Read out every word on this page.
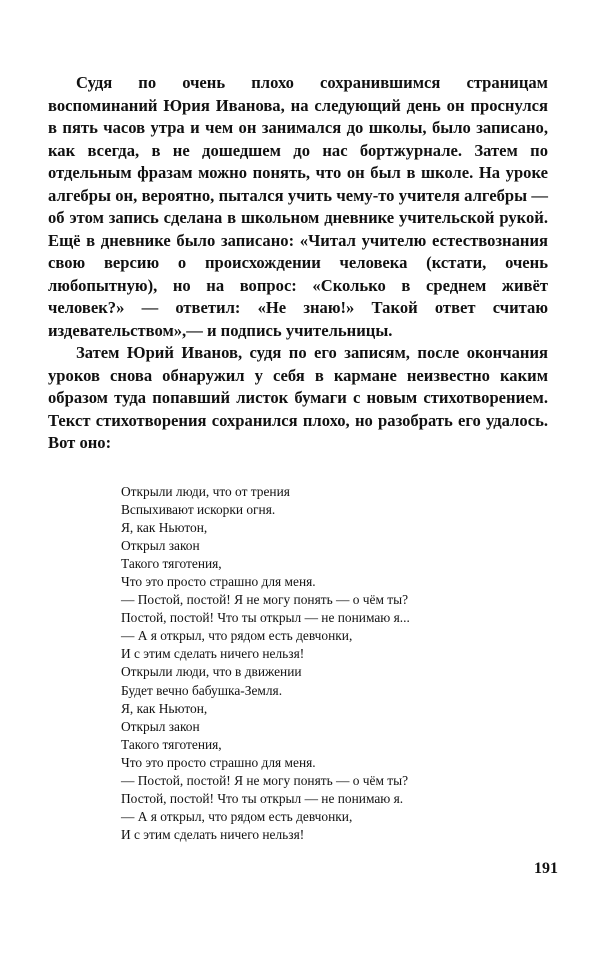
Судя по очень плохо сохранившимся страницам воспоминаний Юрия Иванова, на следующий день он проснулся в пять часов утра и чем он занимался до школы, было записано, как всегда, в не дошедшем до нас бортжурнале. Затем по отдельным фразам можно понять, что он был в школе. На уроке алгебры он, вероятно, пытался учить чему-то учителя алгебры — об этом запись сделана в школьном дневнике учительской рукой. Ещё в дневнике было записано: «Читал учителю естествознания свою версию о происхождении человека (кстати, очень любопытную), но на вопрос: «Сколько в среднем живёт человек?» — ответил: «Не знаю!» Такой ответ считаю издевательством»,— и подпись учительницы.

Затем Юрий Иванов, судя по его записям, после окончания уроков снова обнаружил у себя в кармане неизвестно каким образом туда попавший листок бумаги с новым стихотворением. Текст стихотворения сохранился плохо, но разобрать его удалось. Вот оно:

Открыли люди, что от трения
Вспыхивают искорки огня.
Я, как Ньютон,
Открыл закон
Такого тяготения,
Что это просто страшно для меня.
— Постой, постой! Я не могу понять — о чём ты?
Постой, постой! Что ты открыл — не понимаю я...
— А я открыл, что рядом есть девчонки,
И с этим сделать ничего нельзя!
Открыли люди, что в движении
Будет вечно бабушка-Земля.
Я, как Ньютон,
Открыл закон
Такого тяготения,
Что это просто страшно для меня.
— Постой, постой! Я не могу понять — о чём ты?
Постой, постой! Что ты открыл — не понимаю я.
— А я открыл, что рядом есть девчонки,
И с этим сделать ничего нельзя!
191
